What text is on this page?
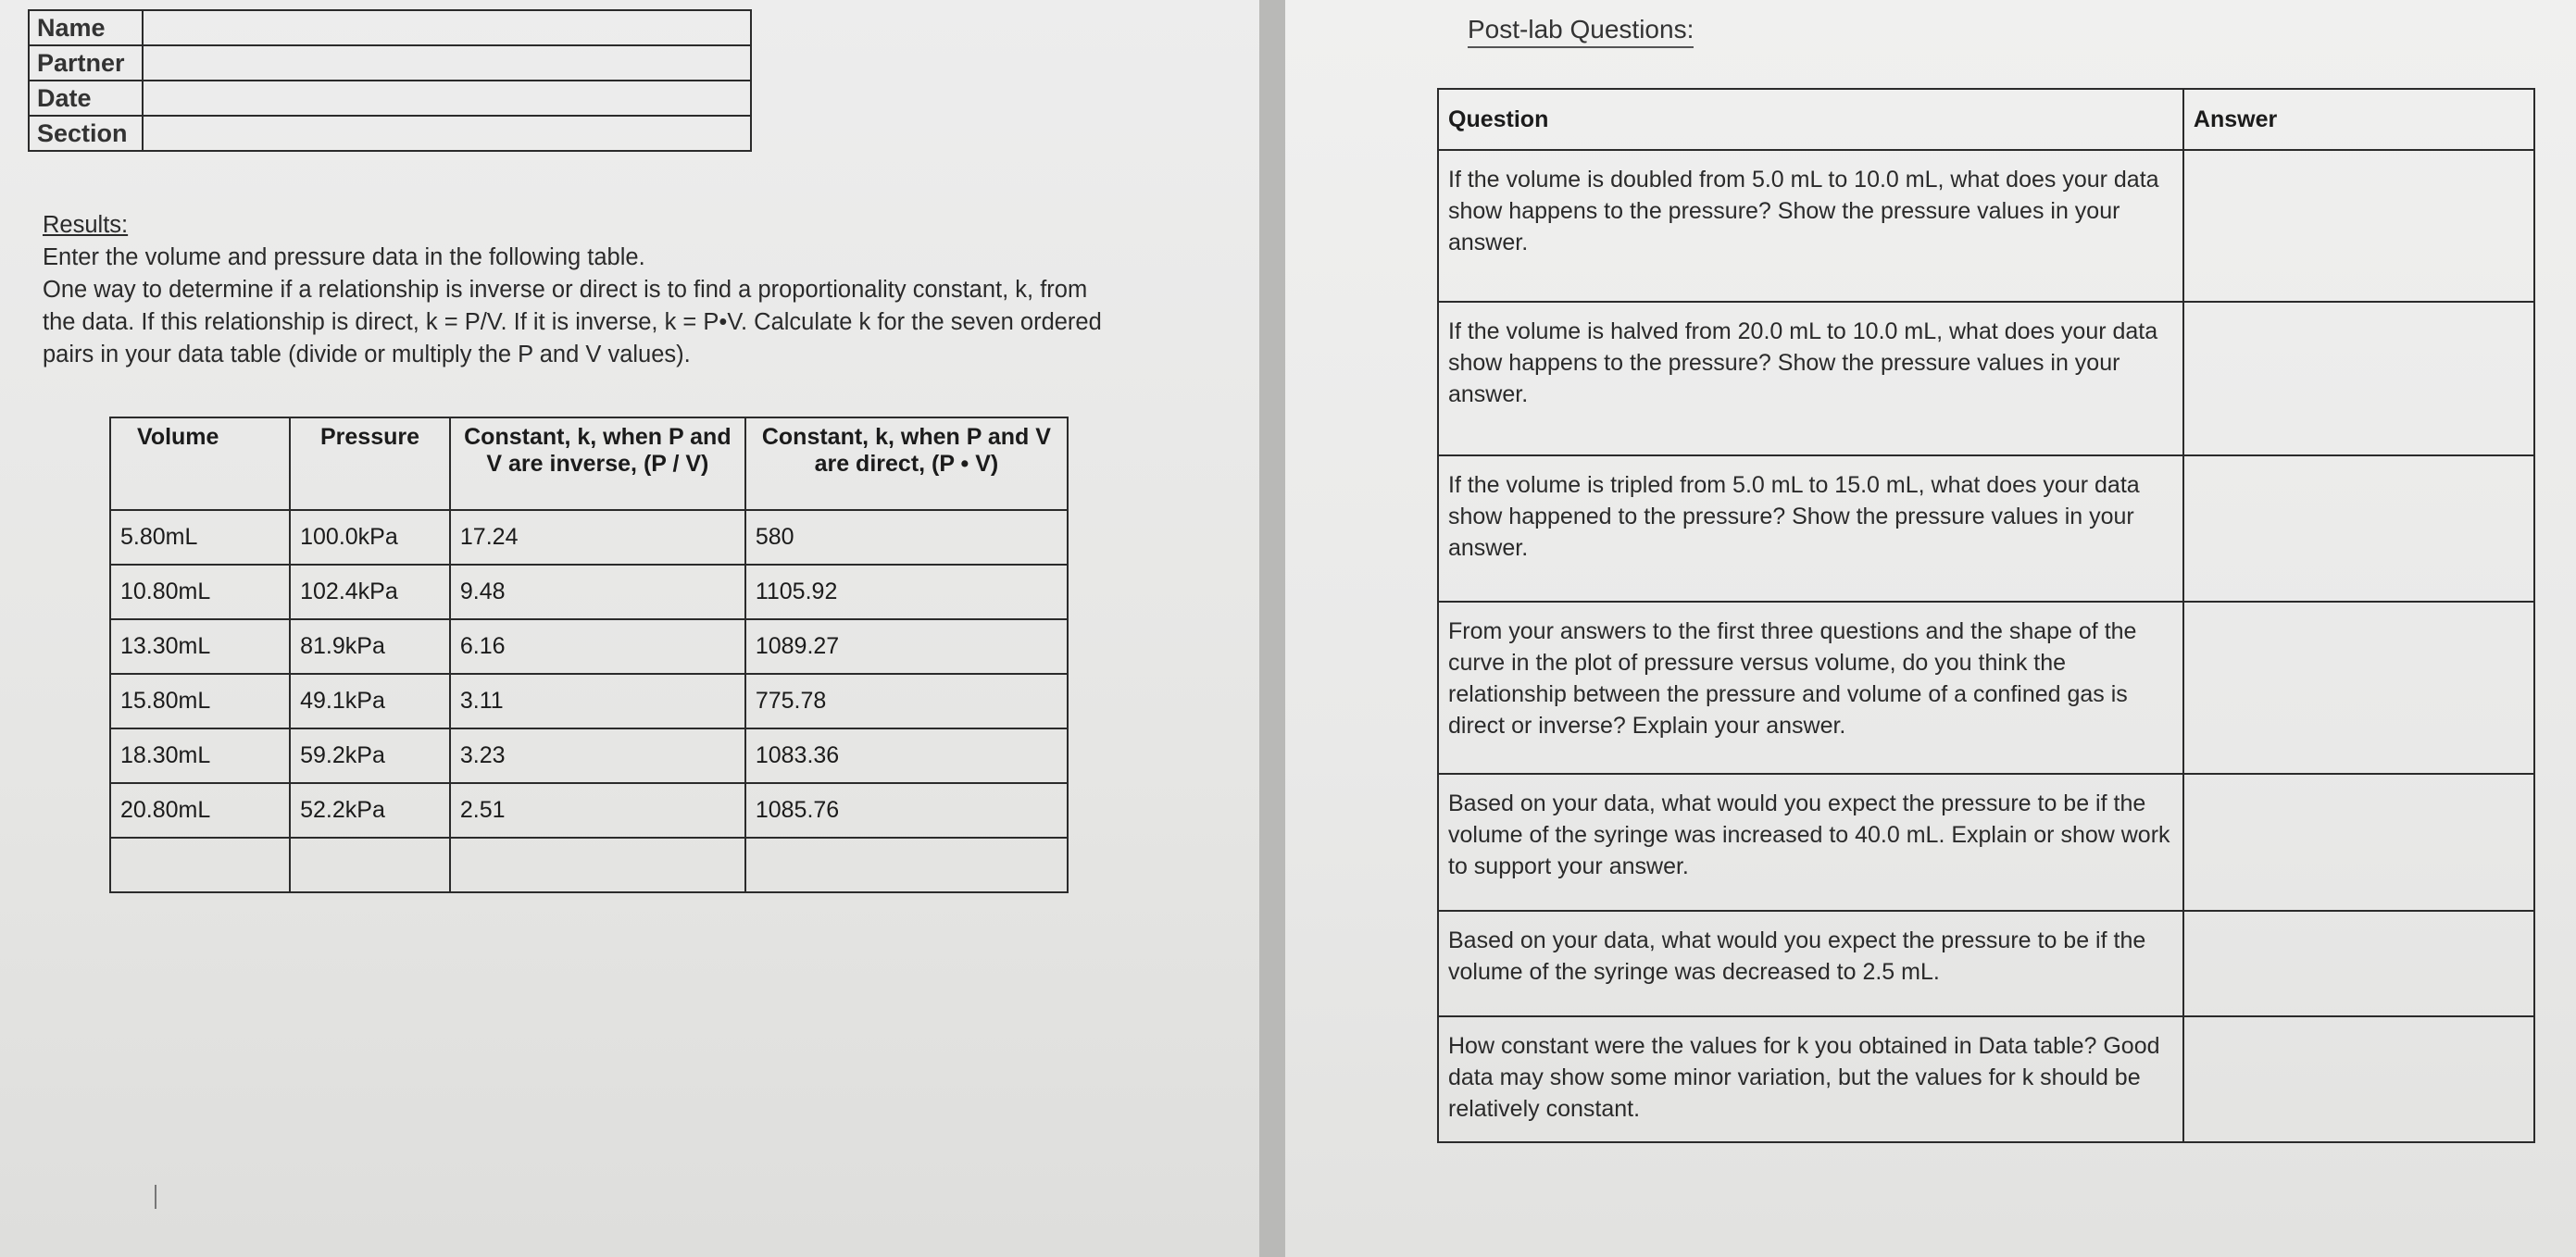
Name	
Partner	
Date	
Section	
Results:

Enter the volume and pressure data in the following table.

One way to determine if a relationship is inverse or direct is to find a proportionality constant, k, from the data. If this relationship is direct, k = P/V. If it is inverse, k = P•V. Calculate k for the seven ordered pairs in your data table (divide or multiply the P and V values).

Volume	Pressure	Constant, k, when P and V are inverse, (P / V)	Constant, k, when P and V are direct, (P • V)
5.80mL	100.0kPa	17.24	580
10.80mL	102.4kPa	9.48	1105.92
13.30mL	81.9kPa	6.16	1089.27
15.80mL	49.1kPa	3.11	775.78
18.30mL	59.2kPa	3.23	1083.36
20.80mL	52.2kPa	2.51	1085.76

Post-lab Questions:
Question	Answer
If the volume is doubled from 5.0 mL to 10.0 mL, what does your data show happens to the pressure? Show the pressure values in your answer.	
If the volume is halved from 20.0 mL to 10.0 mL, what does your data show happens to the pressure? Show the pressure values in your answer.	
If the volume is tripled from 5.0 mL to 15.0 mL, what does your data show happened to the pressure? Show the pressure values in your answer.	
From your answers to the first three questions and the shape of the curve in the plot of pressure versus volume, do you think the relationship between the pressure and volume of a confined gas is direct or inverse? Explain your answer.	
Based on your data, what would you expect the pressure to be if the volume of the syringe was increased to 40.0 mL. Explain or show work to support your answer.	
Based on your data, what would you expect the pressure to be if the volume of the syringe was decreased to 2.5 mL.	
How constant were the values for k you obtained in Data table? Good data may show some minor variation, but the values for k should be relatively constant.	
